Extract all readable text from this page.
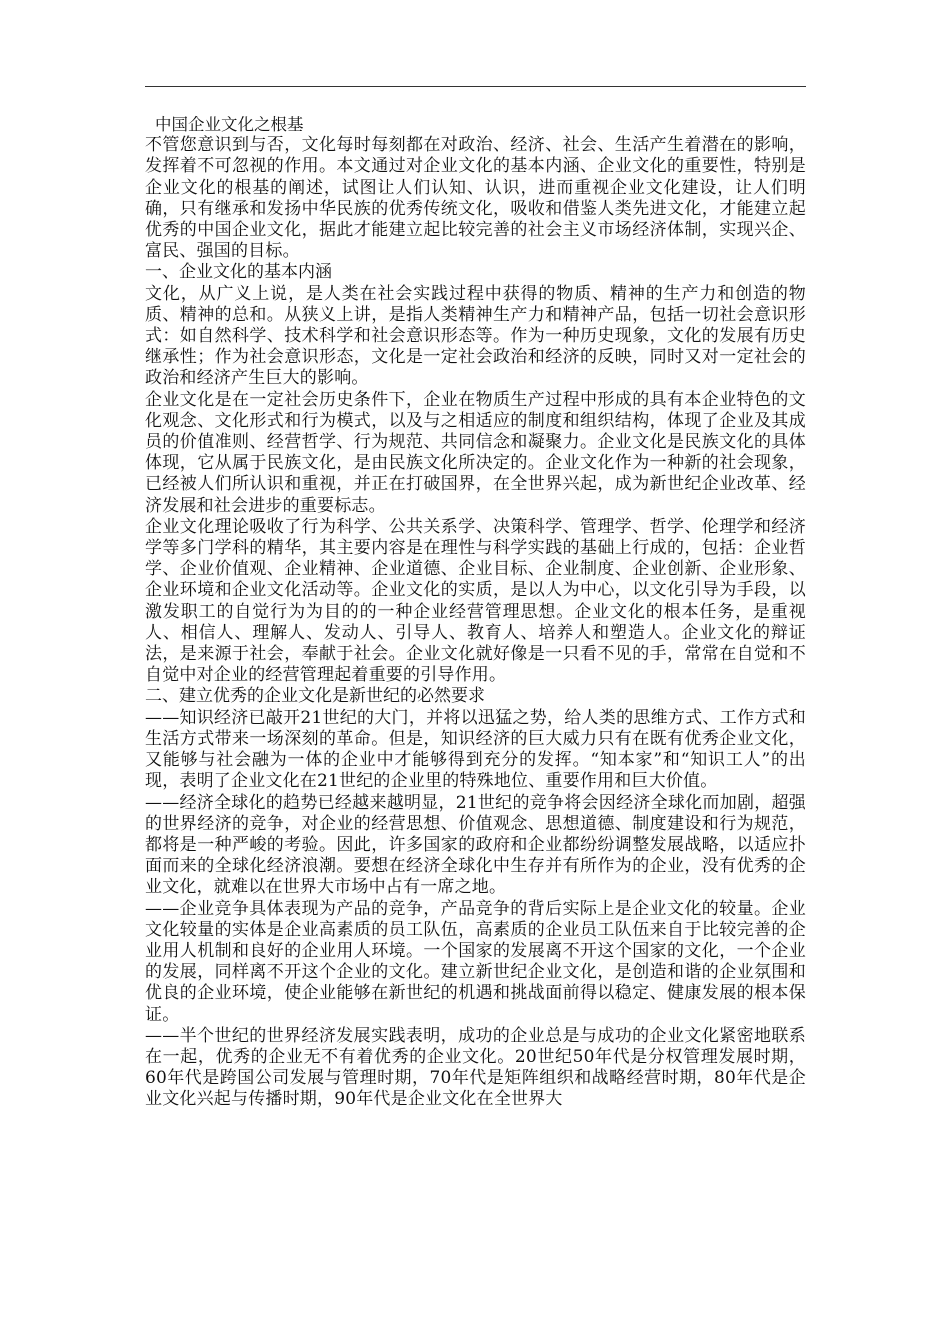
中国企业文化之根基

不管您意识到与否，文化每时每刻都在对政治、经济、社会、生活产生着潜在的影响，发挥着不可忽视的作用。本文通过对企业文化的基本内涵、企业文化的重要性，特别是企业文化的根基的阐述，试图让人们认知、认识，进而重视企业文化建设，让人们明确，只有继承和发扬中华民族的优秀传统文化，吸收和借鉴人类先进文化，才能建立起优秀的中国企业文化，据此才能建立起比较完善的社会主义市场经济体制，实现兴企、富民、强国的目标。

一、企业文化的基本内涵

文化，从广义上说，是人类在社会实践过程中获得的物质、精神的生产力和创造的物质、精神的总和。从狭义上讲，是指人类精神生产力和精神产品，包括一切社会意识形式：如自然科学、技术科学和社会意识形态等。作为一种历史现象，文化的发展有历史继承性；作为社会意识形态，文化是一定社会政治和经济的反映，同时又对一定社会的政治和经济产生巨大的影响。

企业文化是在一定社会历史条件下，企业在物质生产过程中形成的具有本企业特色的文化观念、文化形式和行为模式，以及与之相适应的制度和组织结构，体现了企业及其成员的价值准则、经营哲学、行为规范、共同信念和凝聚力。企业文化是民族文化的具体体现，它从属于民族文化，是由民族文化所决定的。企业文化作为一种新的社会现象，已经被人们所认识和重视，并正在打破国界，在全世界兴起，成为新世纪企业改革、经济发展和社会进步的重要标志。

企业文化理论吸收了行为科学、公共关系学、决策科学、管理学、哲学、伦理学和经济学等多门学科的精华，其主要内容是在理性与科学实践的基础上行成的，包括：企业哲学、企业价值观、企业精神、企业道德、企业目标、企业制度、企业创新、企业形象、企业环境和企业文化活动等。企业文化的实质，是以人为中心，以文化引导为手段，以激发职工的自觉行为为目的的一种企业经营管理思想。企业文化的根本任务，是重视人、相信人、理解人、发动人、引导人、教育人、培养人和塑造人。企业文化的辩证法，是来源于社会，奉献于社会。企业文化就好像是一只看不见的手，常常在自觉和不自觉中对企业的经营管理起着重要的引导作用。

二、建立优秀的企业文化是新世纪的必然要求

——知识经济已敲开21世纪的大门，并将以迅猛之势，给人类的思维方式、工作方式和生活方式带来一场深刻的革命。但是，知识经济的巨大威力只有在既有优秀企业文化，又能够与社会融为一体的企业中才能够得到充分的发挥。“知本家”和“知识工人”的出现，表明了企业文化在21世纪的企业里的特殊地位、重要作用和巨大价值。

——经济全球化的趋势已经越来越明显，21世纪的竞争将会因经济全球化而加剧，超强的世界经济的竞争，对企业的经营思想、价值观念、思想道德、制度建设和行为规范，都将是一种严峻的考验。因此，许多国家的政府和企业都纷纷调整发展战略，以适应扑面而来的全球化经济浪潮。要想在经济全球化中生存并有所作为的企业，没有优秀的企业文化，就难以在世界大市场中占有一席之地。

——企业竞争具体表现为产品的竞争，产品竞争的背后实际上是企业文化的较量。企业文化较量的实体是企业高素质的员工队伍，高素质的企业员工队伍来自于比较完善的企业用人机制和良好的企业用人环境。一个国家的发展离不开这个国家的文化，一个企业的发展，同样离不开这个企业的文化。建立新世纪企业文化，是创造和谐的企业氛围和优良的企业环境，使企业能够在新世纪的机遇和挑战面前得以稳定、健康发展的根本保证。

——半个世纪的世界经济发展实践表明，成功的企业总是与成功的企业文化紧密地联系在一起，优秀的企业无不有着优秀的企业文化。20世纪50年代是分权管理发展时期，60年代是跨国公司发展与管理时期，70年代是矩阵组织和战略经营时期，80年代是企业文化兴起与传播时期，90年代是企业文化在全世界大
